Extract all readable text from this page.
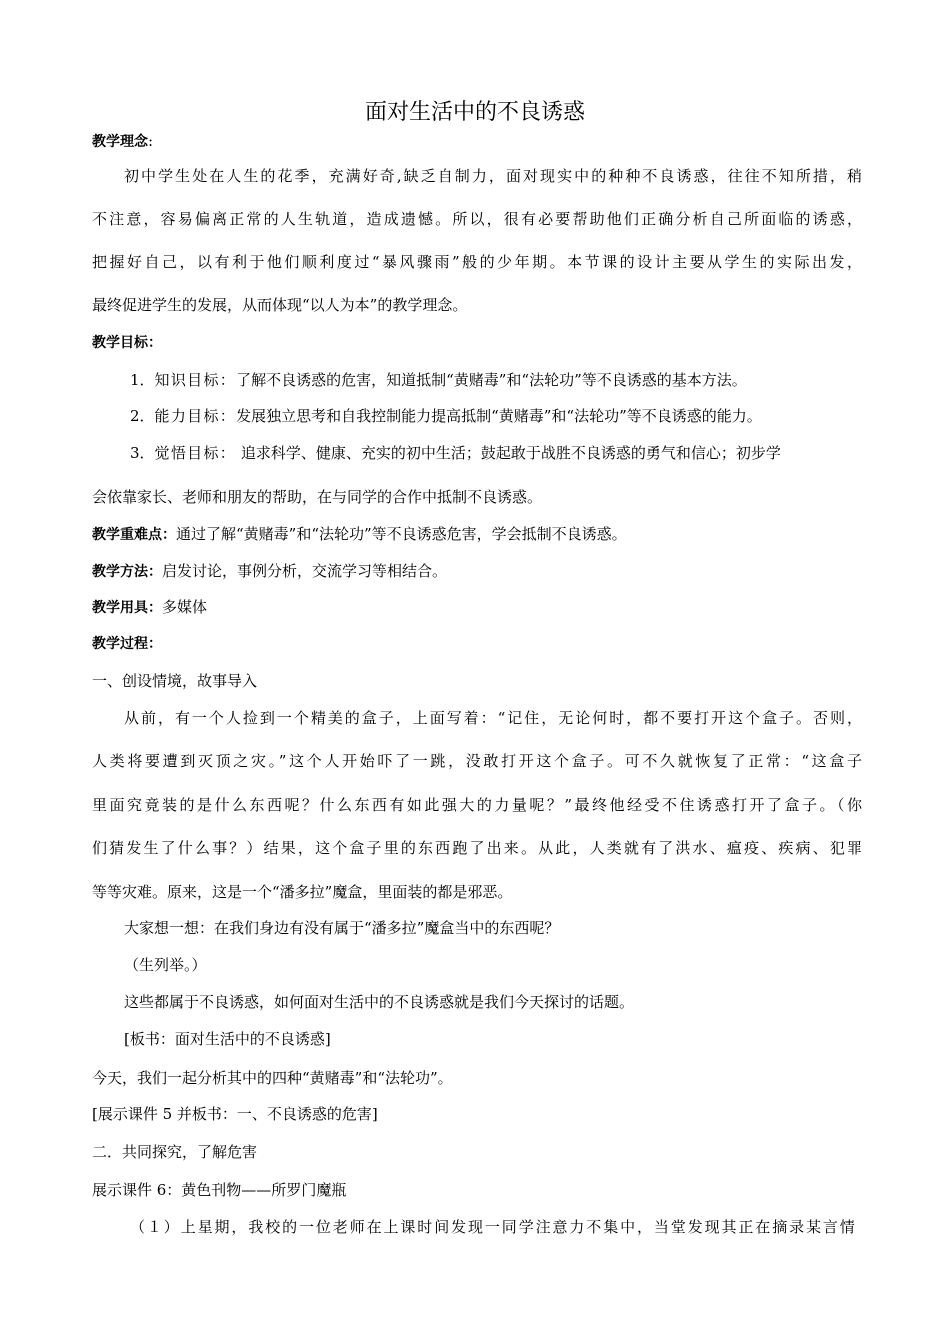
面对生活中的不良诱惑
教学理念:
初中学生处在人生的花季，充满好奇,缺乏自制力，面对现实中的种种不良诱惑，往往不知所措，稍
不注意，容易偏离正常的人生轨道，造成遗憾。所以，很有必要帮助他们正确分析自己所面临的诱惑，
把握好自己，以有利于他们顺利度过“暴风骤雨”般的少年期。本节课的设计主要从学生的实际出发，
最终促进学生的发展，从而体现“以人为本”的教学理念。
教学目标：
1．知识目标：了解不良诱惑的危害，知道抵制“黄赌毒”和“法轮功”等不良诱惑的基本方法。
2．能力目标：发展独立思考和自我控制能力提高抵制“黄赌毒”和“法轮功”等不良诱惑的能力。
3．觉悟目标： 追求科学、健康、充实的初中生活；鼓起敢于战胜不良诱惑的勇气和信心；初步学
会依靠家长、老师和朋友的帮助，在与同学的合作中抵制不良诱惑。
教学重难点：通过了解“黄赌毒”和“法轮功”等不良诱惑危害，学会抵制不良诱惑。
教学方法：启发讨论，事例分析，交流学习等相结合。
教学用具：多媒体
教学过程：
一、创设情境，故事导入
从前，有一个人捡到一个精美的盒子，上面写着：“记住，无论何时，都不要打开这个盒子。否则，
人类将要遭到灭顶之灾。”这个人开始吓了一跳，没敢打开这个盒子。可不久就恢复了正常：“这盒子
里面究竟装的是什么东西呢？什么东西有如此强大的力量呢？”最终他经受不住诱惑打开了盒子。（你
们猜发生了什么事？）结果，这个盒子里的东西跑了出来。从此，人类就有了洪水、瘟疫、疾病、犯罪
等等灾难。原来，这是一个“潘多拉”魔盒，里面装的都是邪恶。
大家想一想：在我们身边有没有属于“潘多拉”魔盒当中的东西呢？
（生列举。）
这些都属于不良诱惑，如何面对生活中的不良诱惑就是我们今天探讨的话题。
[板书：面对生活中的不良诱惑]
今天，我们一起分析其中的四种“黄赌毒”和“法轮功”。
[展示课件 5 并板书：一、不良诱惑的危害]
二．共同探究，了解危害
展示课件 6：黄色刊物——所罗门魔瓶
（１）上星期，我校的一位老师在上课时间发现一同学注意力不集中，当堂发现其正在摘录某言情
